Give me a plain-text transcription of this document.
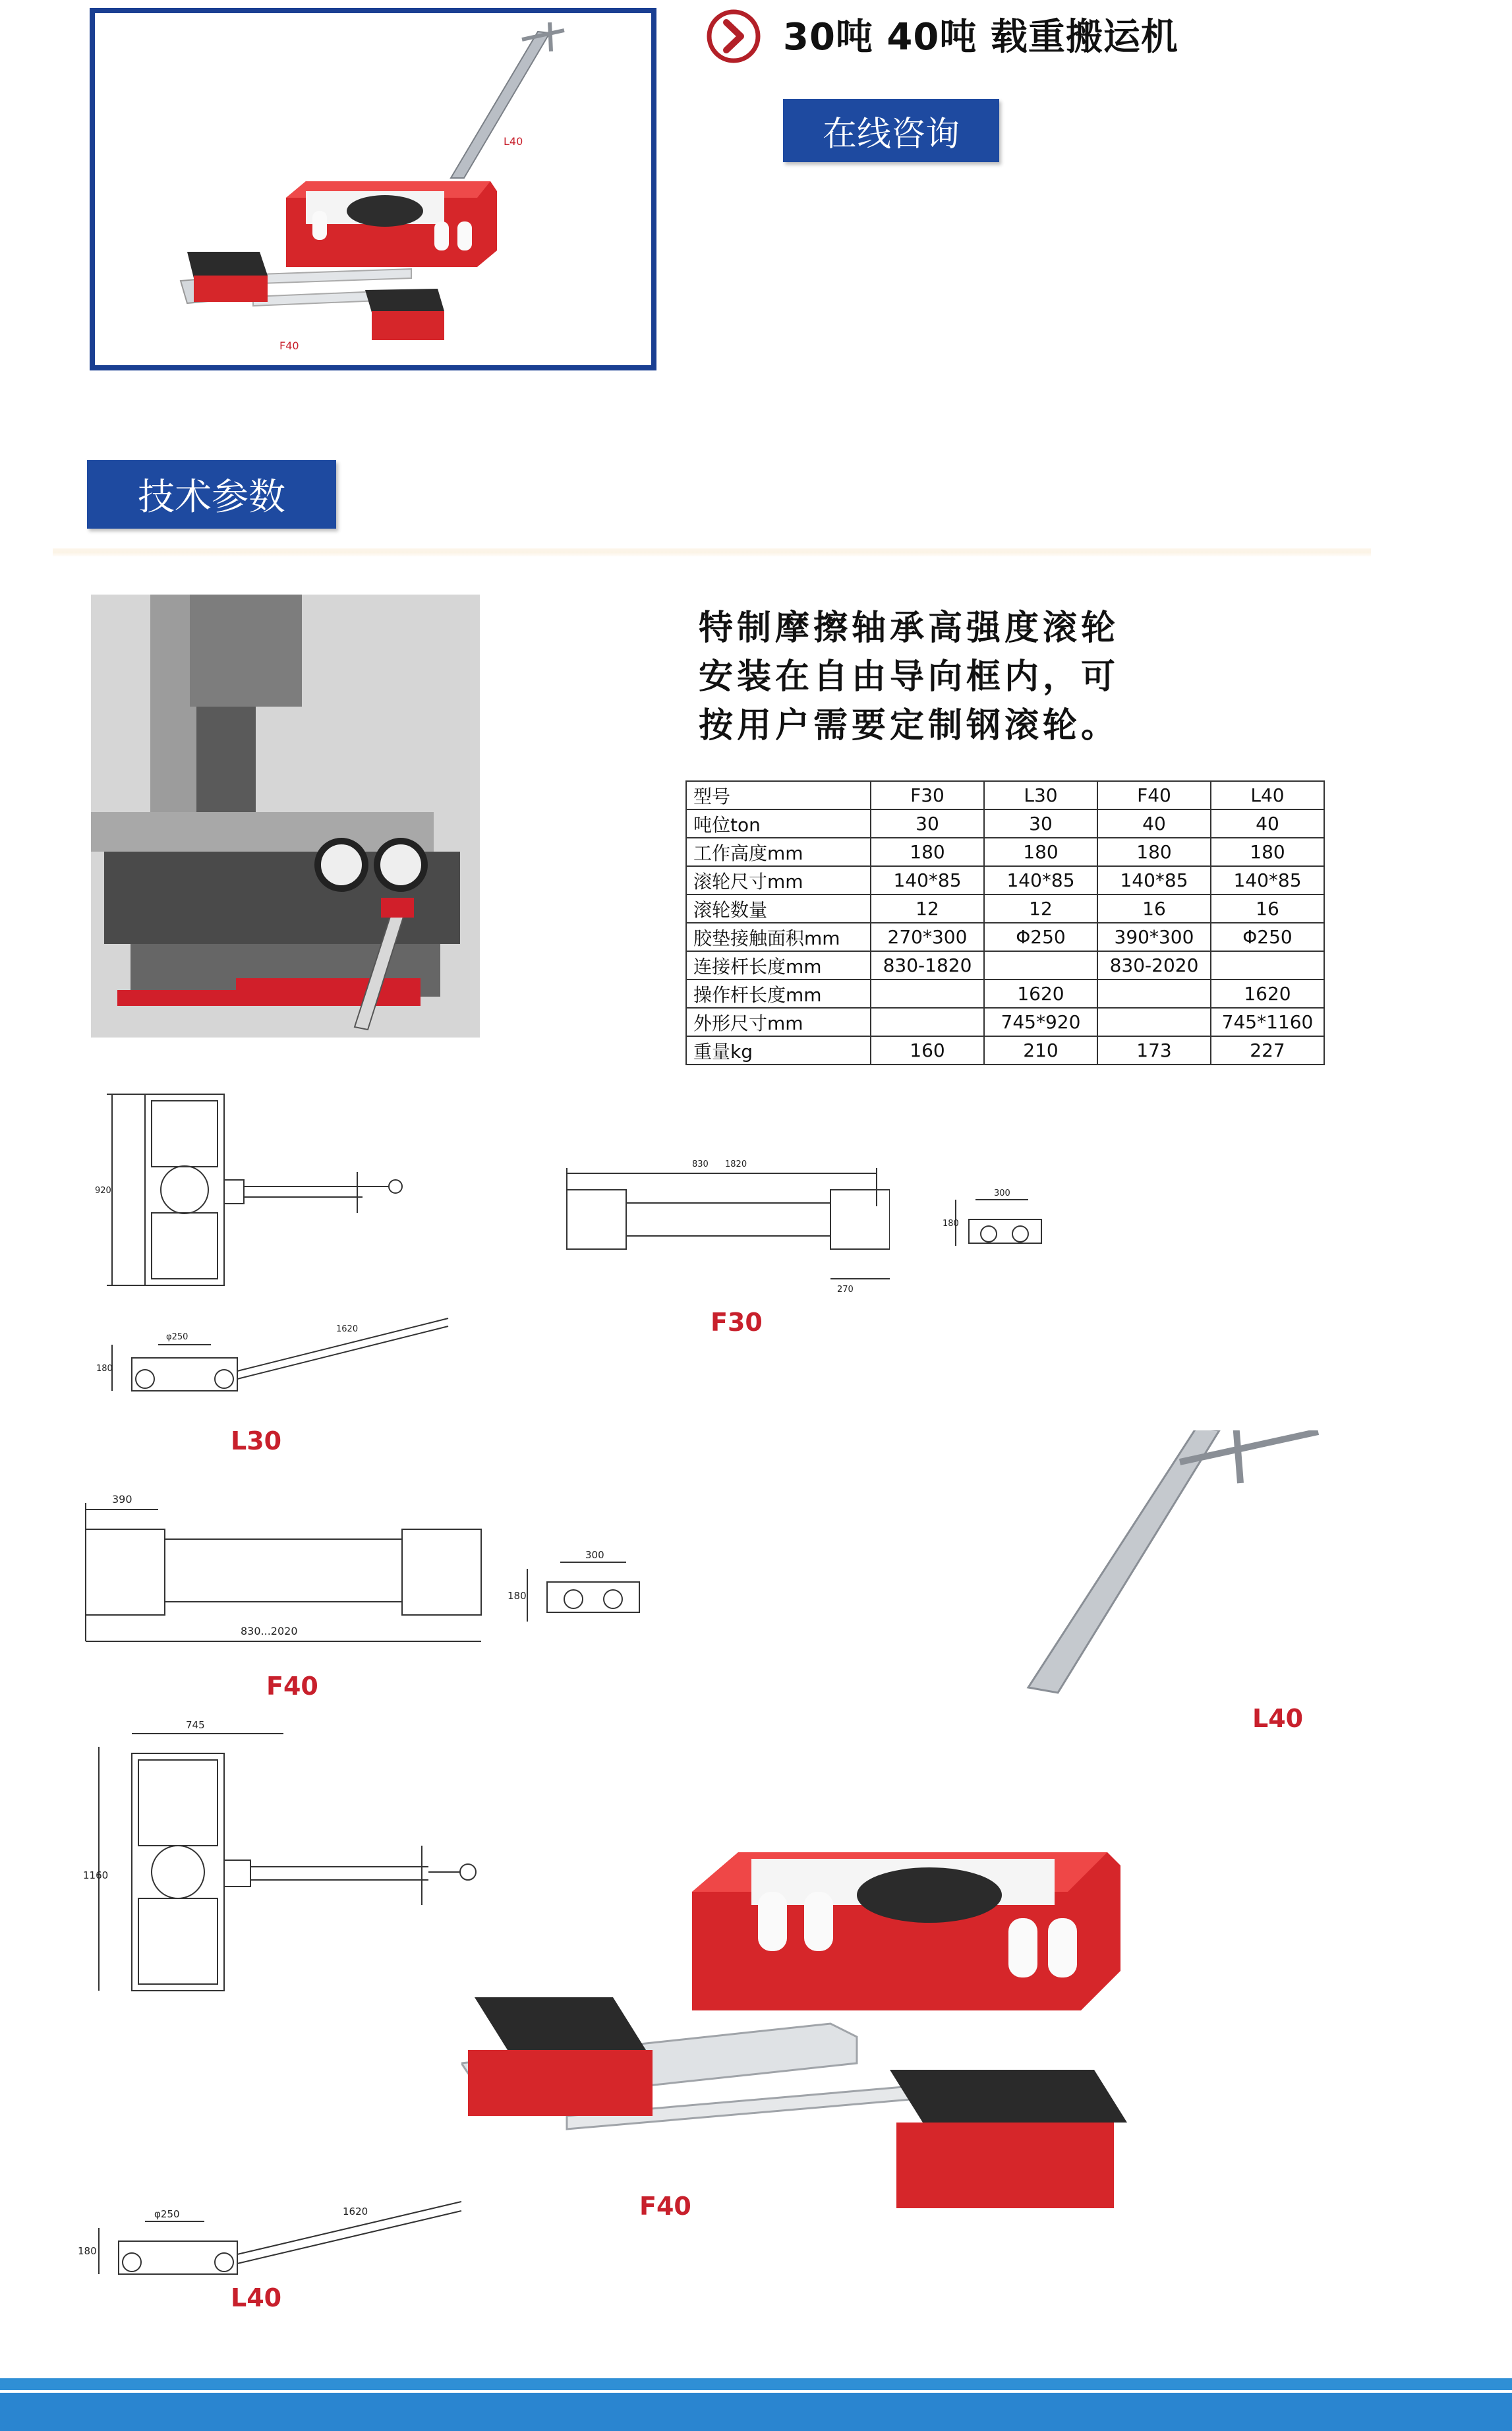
L40
F40
30吨 40吨 载重搬运机
在线咨询
技术参数
特制摩擦轴承高强度滚轮
安装在自由导向框内，可
按用户需要定制钢滚轮。
型号	F30	L30	F40	L40
吨位ton	30	30	40	40
工作高度mm	180	180	180	180
滚轮尺寸mm	140*85	140*85	140*85	140*85
滚轮数量	12	12	16	16
胶垫接触面积mm	270*300	Φ250	390*300	Φ250
连接杆长度mm	830-1820		830-2020	
操作杆长度mm		1620		1620
外形尺寸mm		745*920		745*1160
重量kg	160	210	173	227
920
830 1820
270
F30
300
180
φ250
1620
180
L30
390
830...2020
F40
300
180
745
1160
φ250	1620
180
L40
L40
F40
